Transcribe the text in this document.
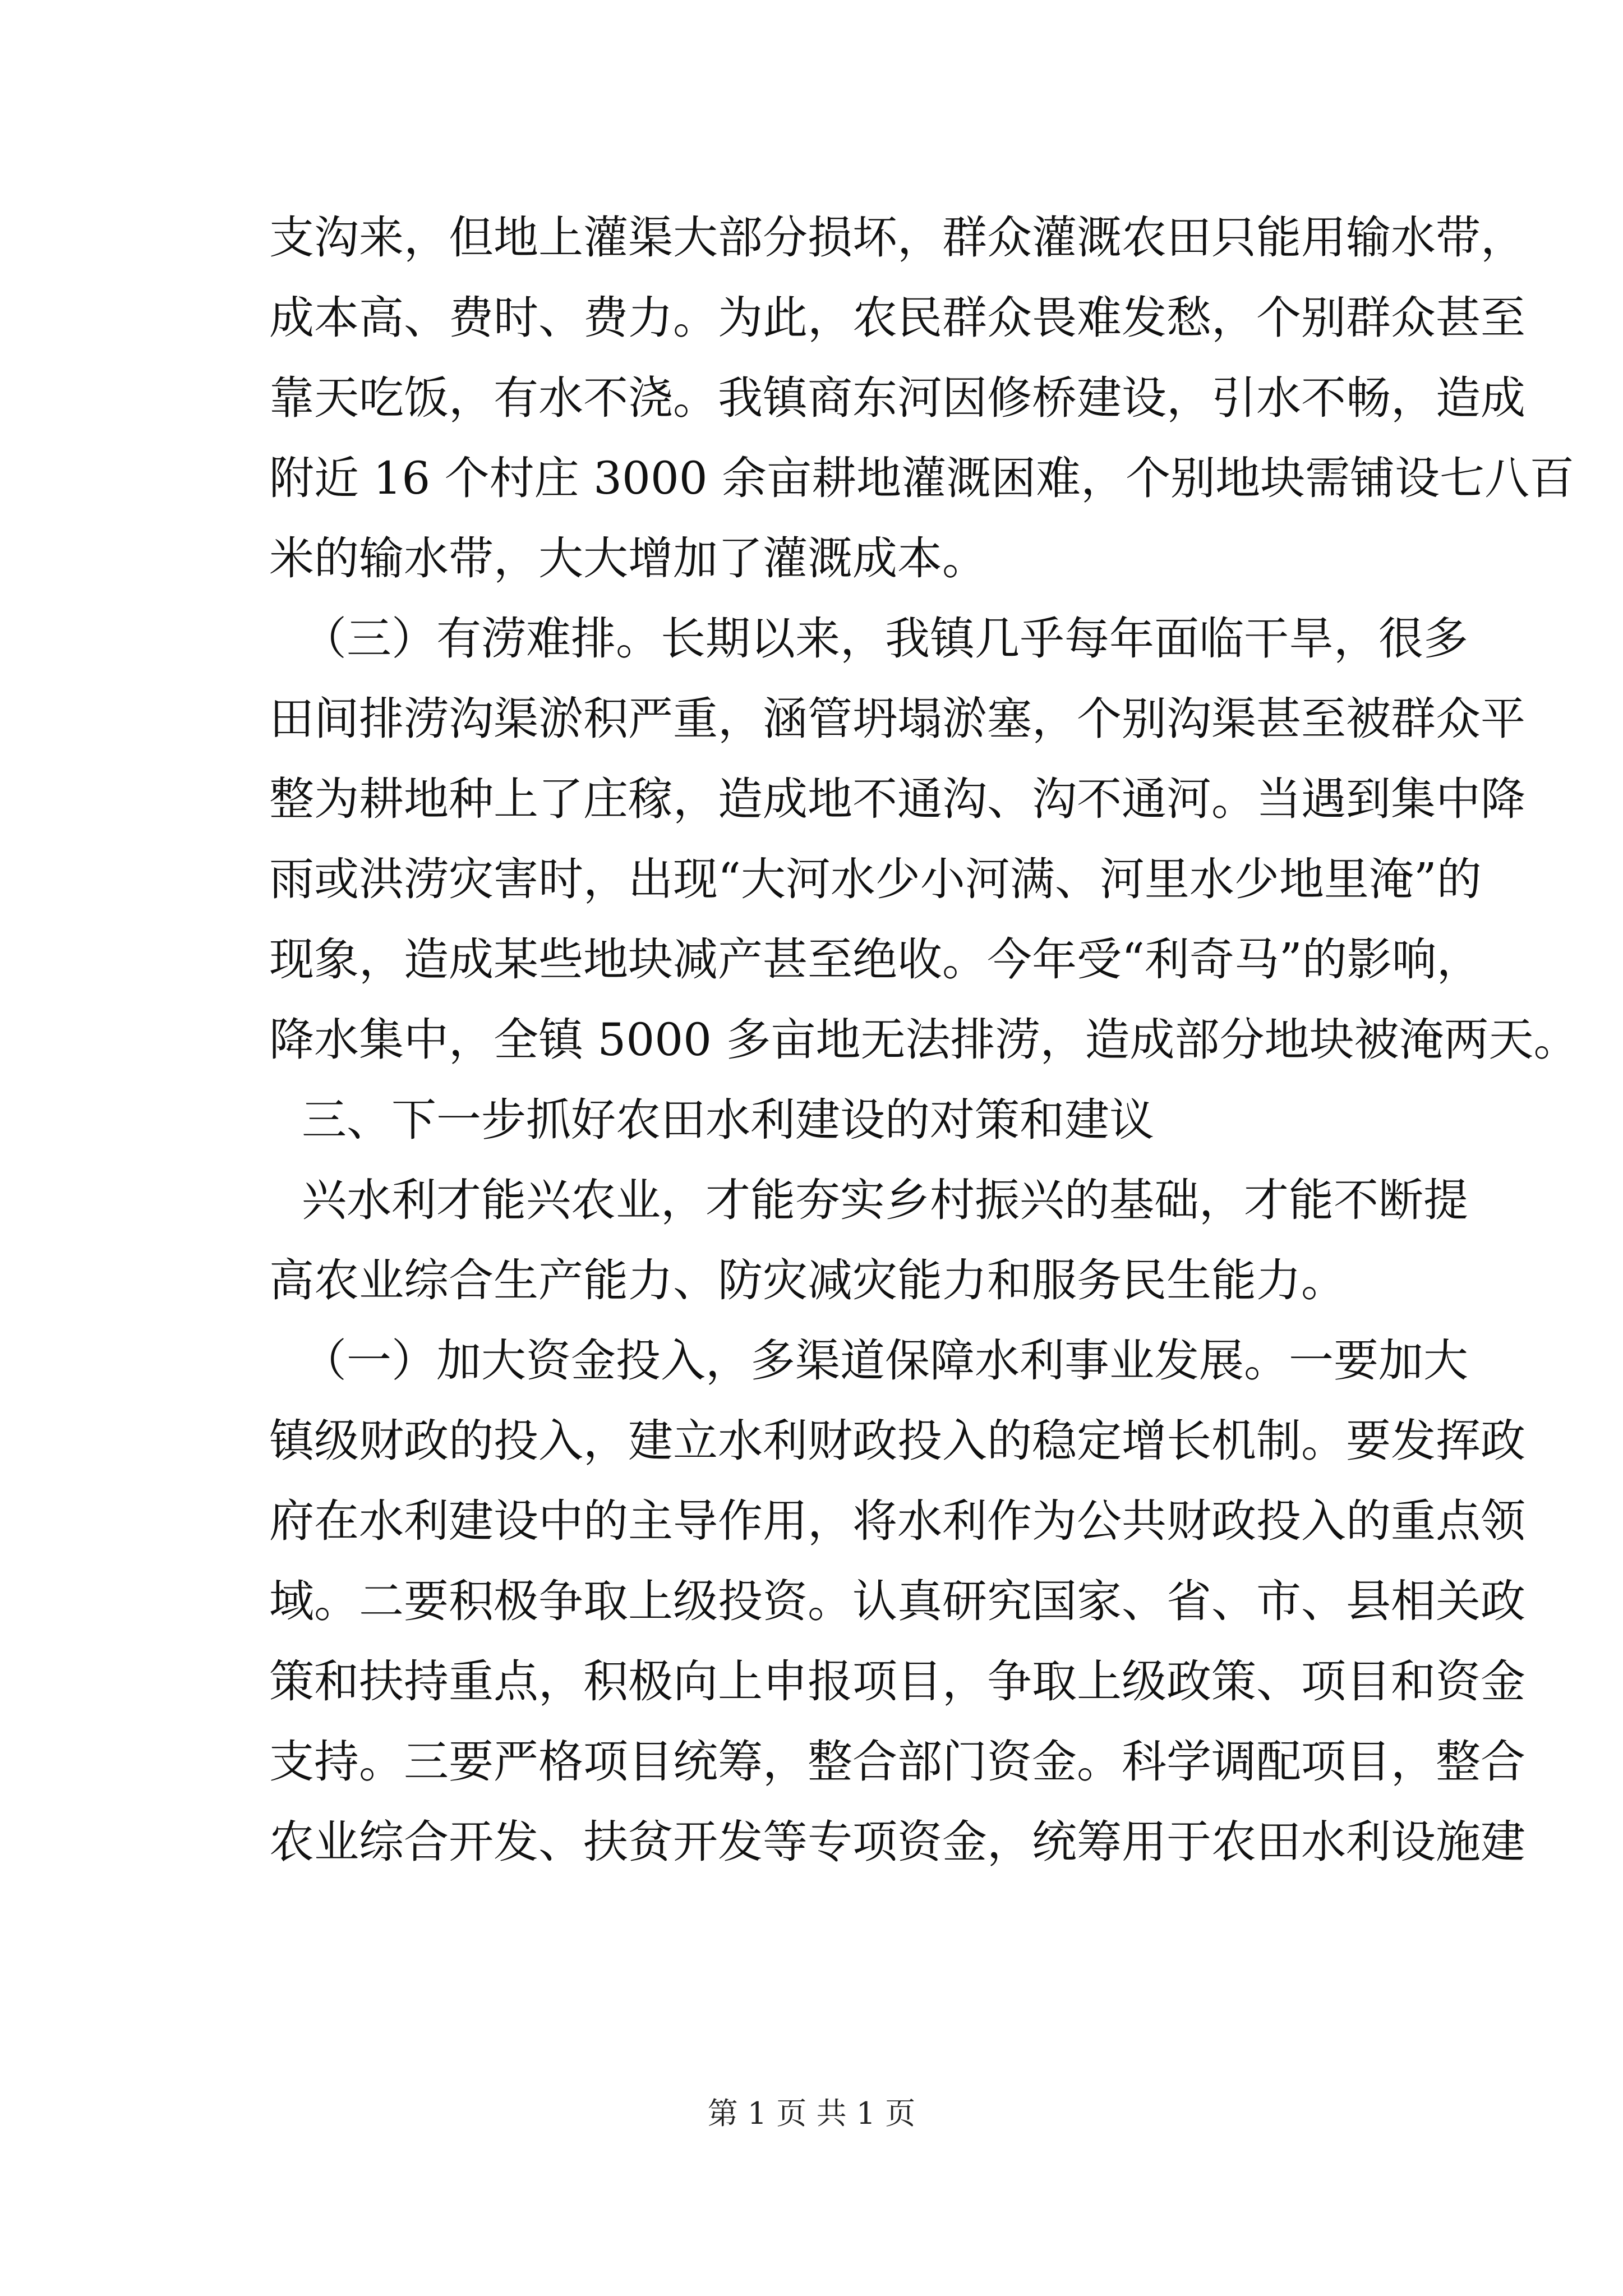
支沟来，但地上灌渠大部分损坏，群众灌溉农田只能用输水带，
成本高、费时、费力。为此，农民群众畏难发愁，个别群众甚至
靠天吃饭，有水不浇。我镇商东河因修桥建设，引水不畅，造成
附近 16 个村庄 3000 余亩耕地灌溉困难，个别地块需铺设七八百
米的输水带，大大增加了灌溉成本。
（三）有涝难排。长期以来，我镇几乎每年面临干旱，很多
田间排涝沟渠淤积严重，涵管坍塌淤塞，个别沟渠甚至被群众平
整为耕地种上了庄稼，造成地不通沟、沟不通河。当遇到集中降
雨或洪涝灾害时，出现“大河水少小河满、河里水少地里淹”的
现象，造成某些地块减产甚至绝收。今年受“利奇马”的影响，
降水集中，全镇 5000 多亩地无法排涝，造成部分地块被淹两天。
三、下一步抓好农田水利建设的对策和建议
兴水利才能兴农业，才能夯实乡村振兴的基础，才能不断提
高农业综合生产能力、防灾减灾能力和服务民生能力。
（一）加大资金投入，多渠道保障水利事业发展。一要加大
镇级财政的投入，建立水利财政投入的稳定增长机制。要发挥政
府在水利建设中的主导作用，将水利作为公共财政投入的重点领
域。二要积极争取上级投资。认真研究国家、省、市、县相关政
策和扶持重点，积极向上申报项目，争取上级政策、项目和资金
支持。三要严格项目统筹，整合部门资金。科学调配项目，整合
农业综合开发、扶贫开发等专项资金，统筹用于农田水利设施建
第 1 页 共 1 页
